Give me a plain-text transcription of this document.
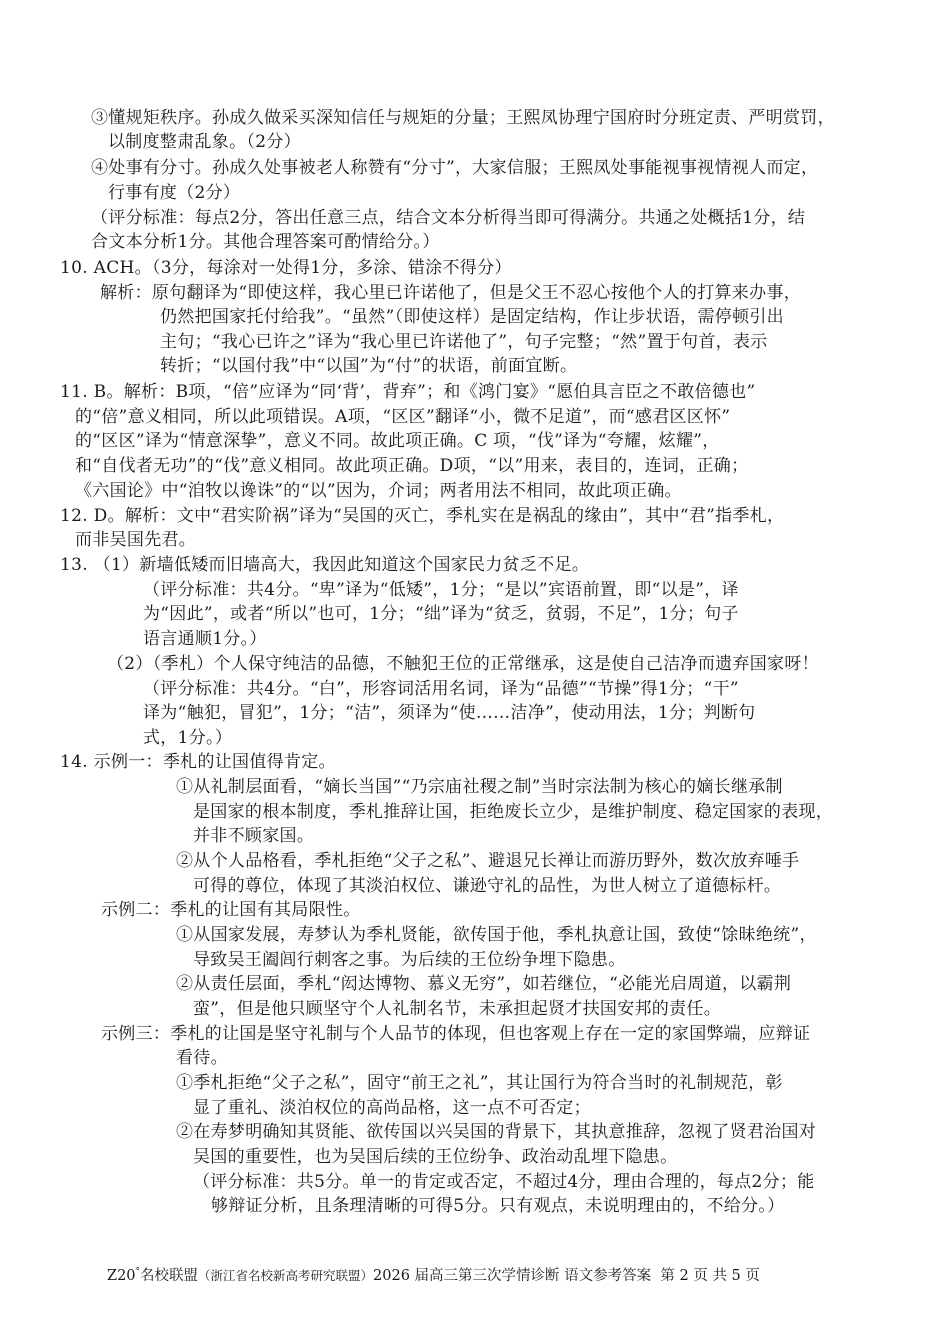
③懂规矩秩序。孙成久做采买深知信任与规矩的分量；王熙凤协理宁国府时分班定责、严明赏罚，
以制度整肃乱象。（2分）
④处事有分寸。孙成久处事被老人称赞有“分寸”，大家信服；王熙凤处事能视事视情视人而定，
行事有度（2分）
（评分标准：每点2分，答出任意三点，结合文本分析得当即可得满分。共通之处概括1分，结
合文本分析1分。其他合理答案可酌情给分。）
10. ACH。（3分，每涂对一处得1分，多涂、错涂不得分）
解析：原句翻译为“即使这样，我心里已许诺他了，但是父王不忍心按他个人的打算来办事，
仍然把国家托付给我”。“虽然”（即使这样）是固定结构，作让步状语，需停顿引出
主句；“我心已许之”译为“我心里已许诺他了”，句子完整；“然”置于句首，表示
转折；“以国付我”中“以国”为“付”的状语，前面宜断。
11. B。解析：B项，“倍”应译为“同‘背’，背弃”；和《鸿门宴》“愿伯具言臣之不敢倍德也”
的“倍”意义相同，所以此项错误。A项，“区区”翻译“小，微不足道”，而“感君区区怀”
的“区区”译为“情意深挚”，意义不同。故此项正确。C 项，“伐”译为“夸耀，炫耀”，
和“自伐者无功”的“伐”意义相同。故此项正确。D项，“以”用来，表目的，连词，正确；
《六国论》中“洎牧以谗诛”的“以”因为，介词；两者用法不相同，故此项正确。
12. D。解析：文中“君实阶祸”译为“吴国的灭亡，季札实在是祸乱的缘由”，其中“君”指季札，
而非吴国先君。
13. （1）新墙低矮而旧墙高大，我因此知道这个国家民力贫乏不足。
（评分标准：共4分。“卑”译为“低矮”，1分；“是以”宾语前置，即“以是”，译
为“因此”，或者“所以”也可，1分；“绌”译为“贫乏，贫弱，不足”，1分；句子
语言通顺1分。）
（2）（季札）个人保守纯洁的品德，不触犯王位的正常继承，这是使自己洁净而遗弃国家呀！
（评分标准：共4分。“白”，形容词活用名词，译为“品德”“节操”得1分；“干”
译为“触犯，冒犯”，1分；“洁”，须译为“使……洁净”，使动用法，1分；判断句
式，1分。）
14. 示例一：季札的让国值得肯定。
①从礼制层面看，“嫡长当国”“乃宗庙社稷之制”当时宗法制为核心的嫡长继承制
是国家的根本制度，季札推辞让国，拒绝废长立少，是维护制度、稳定国家的表现，
并非不顾家国。
②从个人品格看，季札拒绝“父子之私”、避退兄长禅让而游历野外，数次放弃唾手
可得的尊位，体现了其淡泊权位、谦逊守礼的品性，为世人树立了道德标杆。
示例二：季札的让国有其局限性。
①从国家发展，寿梦认为季札贤能，欲传国于他，季札执意让国，致使“馀昧绝统”，
导致吴王阖闾行刺客之事。为后续的王位纷争埋下隐患。
②从责任层面，季札“闳达博物、慕义无穷”，如若继位，“必能光启周道，以霸荆
蛮”，但是他只顾坚守个人礼制名节，未承担起贤才扶国安邦的责任。
示例三：季札的让国是坚守礼制与个人品节的体现，但也客观上存在一定的家国弊端，应辩证
看待。
①季札拒绝“父子之私”，固守“前王之礼”，其让国行为符合当时的礼制规范，彰
显了重礼、淡泊权位的高尚品格，这一点不可否定；
②在寿梦明确知其贤能、欲传国以兴吴国的背景下，其执意推辞，忽视了贤君治国对
吴国的重要性，也为吴国后续的王位纷争、政治动乱埋下隐患。
（评分标准：共5分。单一的肯定或否定，不超过4分，理由合理的，每点2分；能
够辩证分析，且条理清晰的可得5分。只有观点，未说明理由的，不给分。）
Z20°名校联盟（浙江省名校新高考研究联盟）2026 届高三第三次学情诊断 语文参考答案 第 2 页 共 5 页
